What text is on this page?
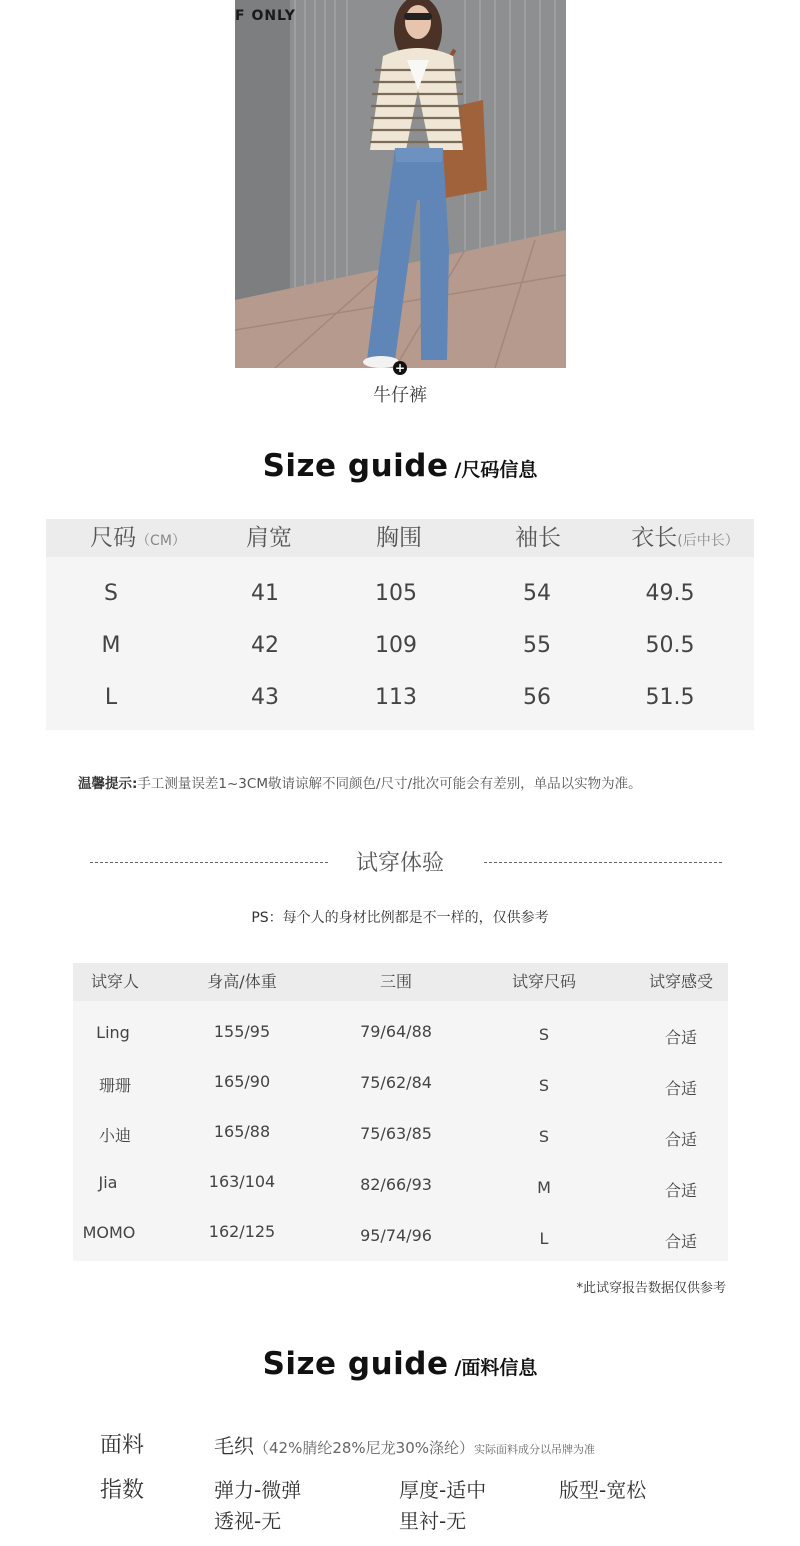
F ONLY
+
牛仔裤
Size guide /尺码信息
尺码（CM）	肩宽	胸围	袖长	衣长(后中长）
S	41	105	54	49.5
M	42	109	55	50.5
L	43	113	56	51.5
温馨提示:手工测量误差1~3CM敬请谅解不同颜色/尺寸/批次可能会有差别，单品以实物为准。
试穿体验
PS：每个人的身材比例都是不一样的，仅供参考
试穿人	身高/体重	三围	试穿尺码	试穿感受
Ling	155/95	79/64/88	S	合适
珊珊	165/90	75/62/84	S	合适
小迪	165/88	75/63/85	S	合适
Jia	163/104	82/66/93	M	合适
MOMO	162/125	95/74/96	L	合适
*此试穿报告数据仅供参考
Size guide /面料信息
面料	毛织（42%腈纶28%尼龙30%涤纶）实际面料成分以吊牌为准
指数	弹力-微弹	厚度-适中	版型-宽松
透视-无	里衬-无
